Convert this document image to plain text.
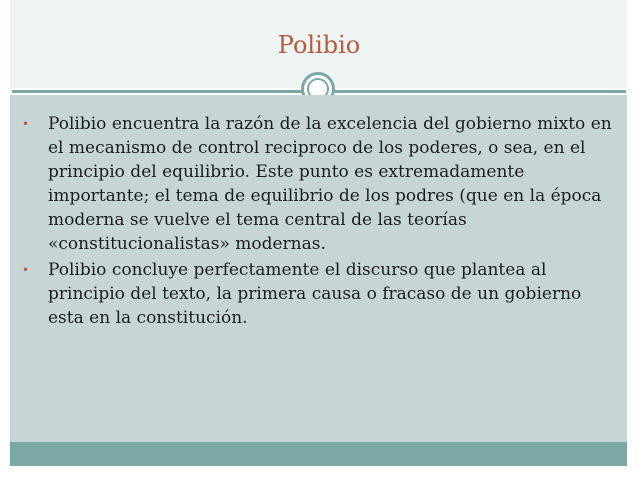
Polibio
•	Polibio encuentra la razón de la excelencia del gobierno mixto en el mecanismo de control reciproco de los poderes, o sea, en el principio del equilibrio. Este punto es extremadamente importante; el tema de equilibrio de los podres (que en la época moderna se vuelve el tema central de las teorías «constitucionalistas» modernas.
•	Polibio concluye perfectamente el discurso que plantea al principio del texto, la primera causa o fracaso de un gobierno esta en la constitución.
